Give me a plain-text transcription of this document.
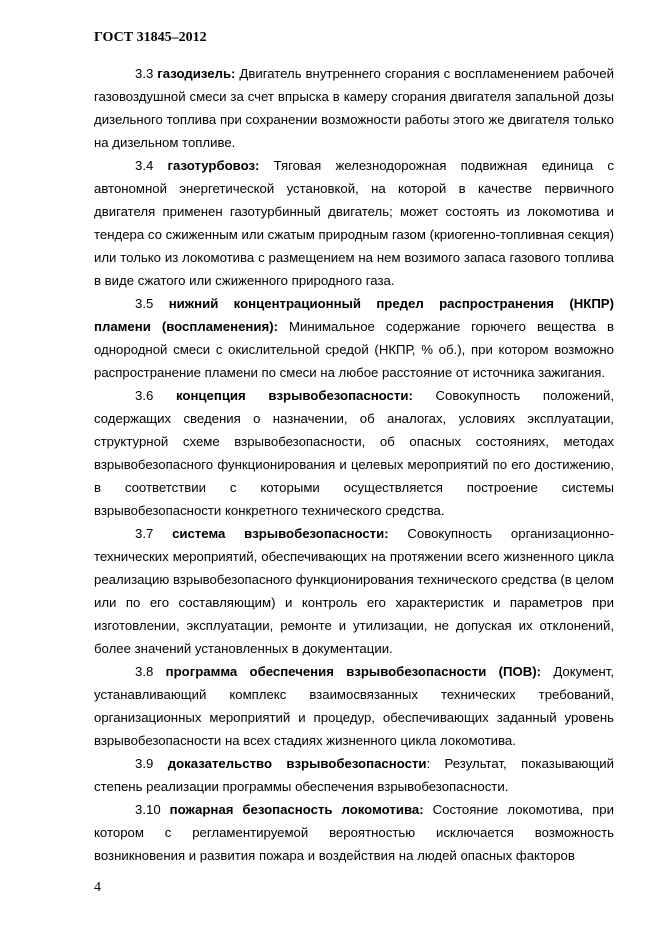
ГОСТ 31845–2012

3.3 газодизель: Двигатель внутреннего сгорания с воспламенением рабочей газовоздушной смеси за счет впрыска в камеру сгорания двигателя запальной дозы дизельного топлива при сохранении возможности работы этого же двигателя только на дизельном топливе.

3.4 газотурбовоз: Тяговая железнодорожная подвижная единица с автономной энергетической установкой, на которой в качестве первичного двигателя применен газотурбинный двигатель; может состоять из локомотива и тендера со сжиженным или сжатым природным газом (криогенно-топливная секция) или только из локомотива с размещением на нем возимого запаса газового топлива в виде сжатого или сжиженного природного газа.

3.5 нижний концентрационный предел распространения (НКПР) пламени (воспламенения): Минимальное содержание горючего вещества в однородной смеси с окислительной средой (НКПР, % об.), при котором возможно распространение пламени по смеси на любое расстояние от источника зажигания.

3.6 концепция взрывобезопасности: Совокупность положений, содержащих сведения о назначении, об аналогах, условиях эксплуатации, структурной схеме взрывобезопасности, об опасных состояниях, методах взрывобезопасного функционирования и целевых мероприятий по его достижению, в соответствии с которыми осуществляется построение системы взрывобезопасности конкретного технического средства.

3.7 система взрывобезопасности: Совокупность организационно-технических мероприятий, обеспечивающих на протяжении всего жизненного цикла реализацию взрывобезопасного функционирования технического средства (в целом или по его составляющим) и контроль его характеристик и параметров при изготовлении, эксплуатации, ремонте и утилизации, не допуская их отклонений, более значений установленных в документации.

3.8 программа обеспечения взрывобезопасности (ПОВ): Документ, устанавливающий комплекс взаимосвязанных технических требований, организационных мероприятий и процедур, обеспечивающих заданный уровень взрывобезопасности на всех стадиях жизненного цикла локомотива.

3.9 доказательство взрывобезопасности: Результат, показывающий степень реализации программы обеспечения взрывобезопасности.

3.10 пожарная безопасность локомотива: Состояние локомотива, при котором с регламентируемой вероятностью исключается возможность возникновения и развития пожара и воздействия на людей опасных факторов

4
